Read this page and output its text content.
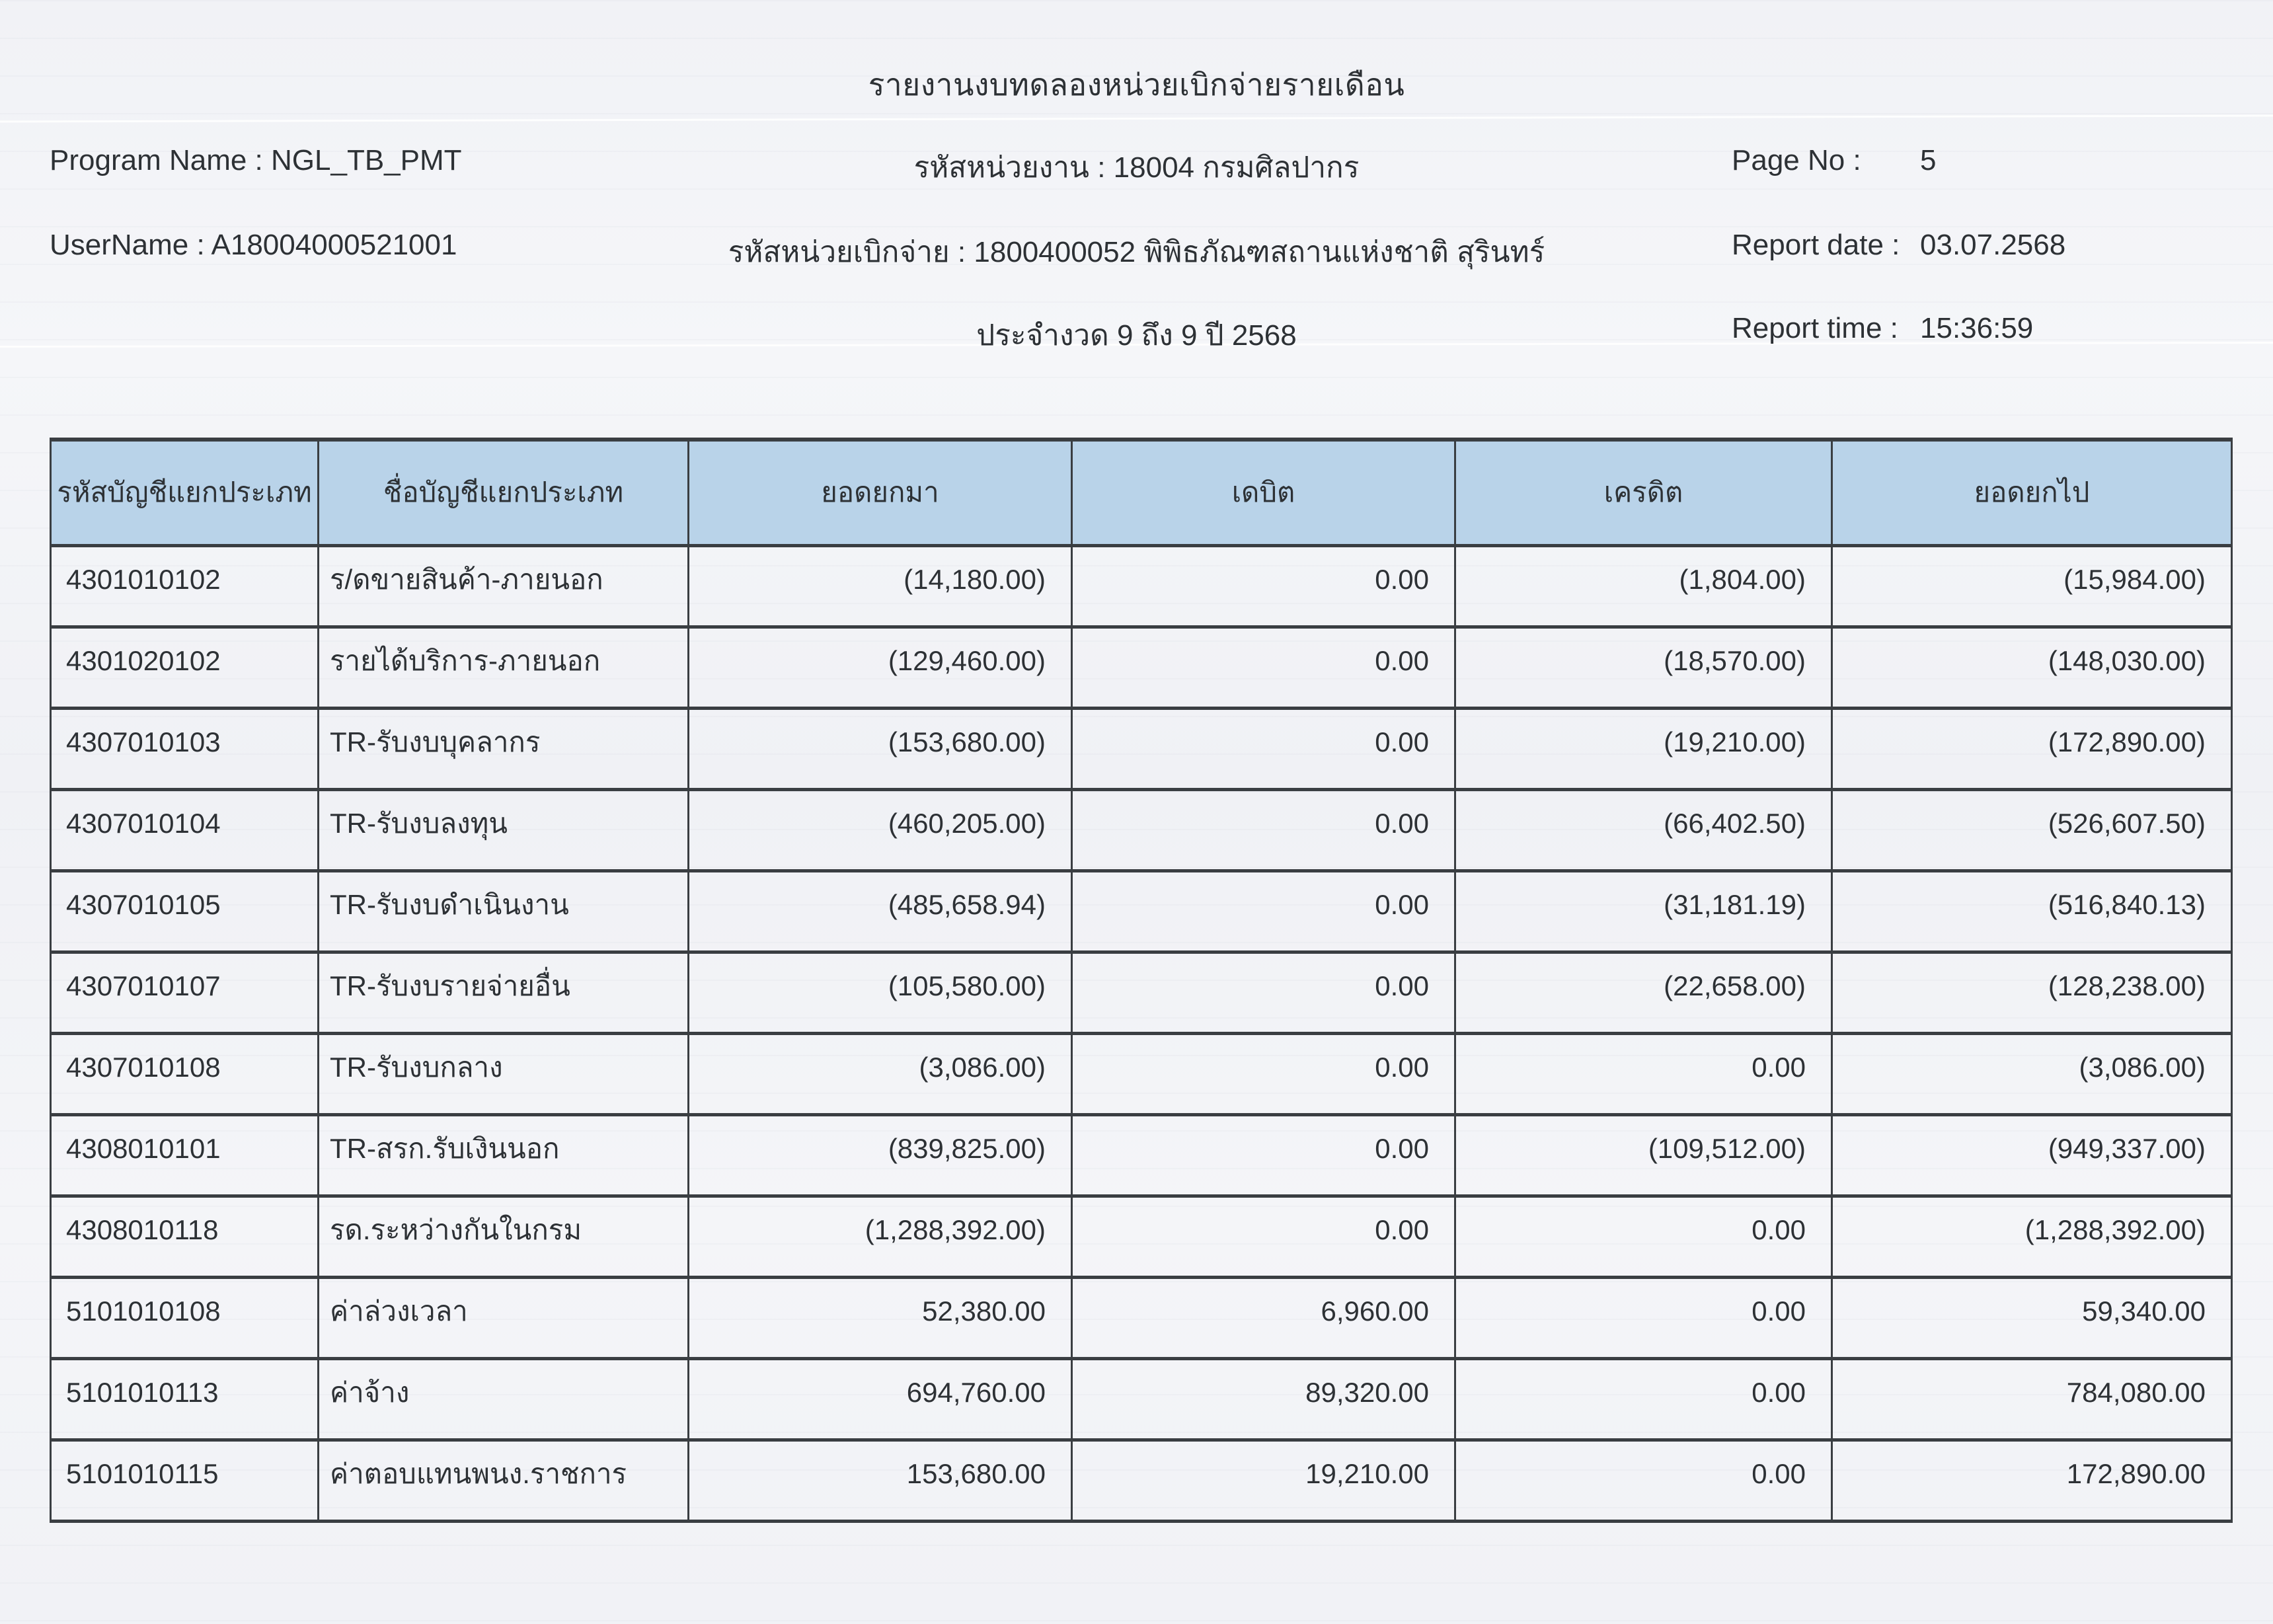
รายงานงบทดลองหน่วยเบิกจ่ายรายเดือน
Program Name : NGL_TB_PMT	รหัสหน่วยงาน : 18004 กรมศิลปากร	Page No : 5
UserName : A18004000521001	รหัสหน่วยเบิกจ่าย : 1800400052 พิพิธภัณฑสถานแห่งชาติ สุรินทร์	Report date : 03.07.2568
ประจำงวด 9 ถึง 9 ปี 2568	Report time : 15:36:59
รหัสบัญชีแยกประเภท	ชื่อบัญชีแยกประเภท	ยอดยกมา	เดบิต	เครดิต	ยอดยกไป
4301010102	ร/ดขายสินค้า-ภายนอก	(14,180.00)	0.00	(1,804.00)	(15,984.00)
4301020102	รายได้บริการ-ภายนอก	(129,460.00)	0.00	(18,570.00)	(148,030.00)
4307010103	TR-รับงบบุคลากร	(153,680.00)	0.00	(19,210.00)	(172,890.00)
4307010104	TR-รับงบลงทุน	(460,205.00)	0.00	(66,402.50)	(526,607.50)
4307010105	TR-รับงบดำเนินงาน	(485,658.94)	0.00	(31,181.19)	(516,840.13)
4307010107	TR-รับงบรายจ่ายอื่น	(105,580.00)	0.00	(22,658.00)	(128,238.00)
4307010108	TR-รับงบกลาง	(3,086.00)	0.00	0.00	(3,086.00)
4308010101	TR-สรก.รับเงินนอก	(839,825.00)	0.00	(109,512.00)	(949,337.00)
4308010118	รด.ระหว่างกันในกรม	(1,288,392.00)	0.00	0.00	(1,288,392.00)
5101010108	ค่าล่วงเวลา	52,380.00	6,960.00	0.00	59,340.00
5101010113	ค่าจ้าง	694,760.00	89,320.00	0.00	784,080.00
5101010115	ค่าตอบแทนพนง.ราชการ	153,680.00	19,210.00	0.00	172,890.00
